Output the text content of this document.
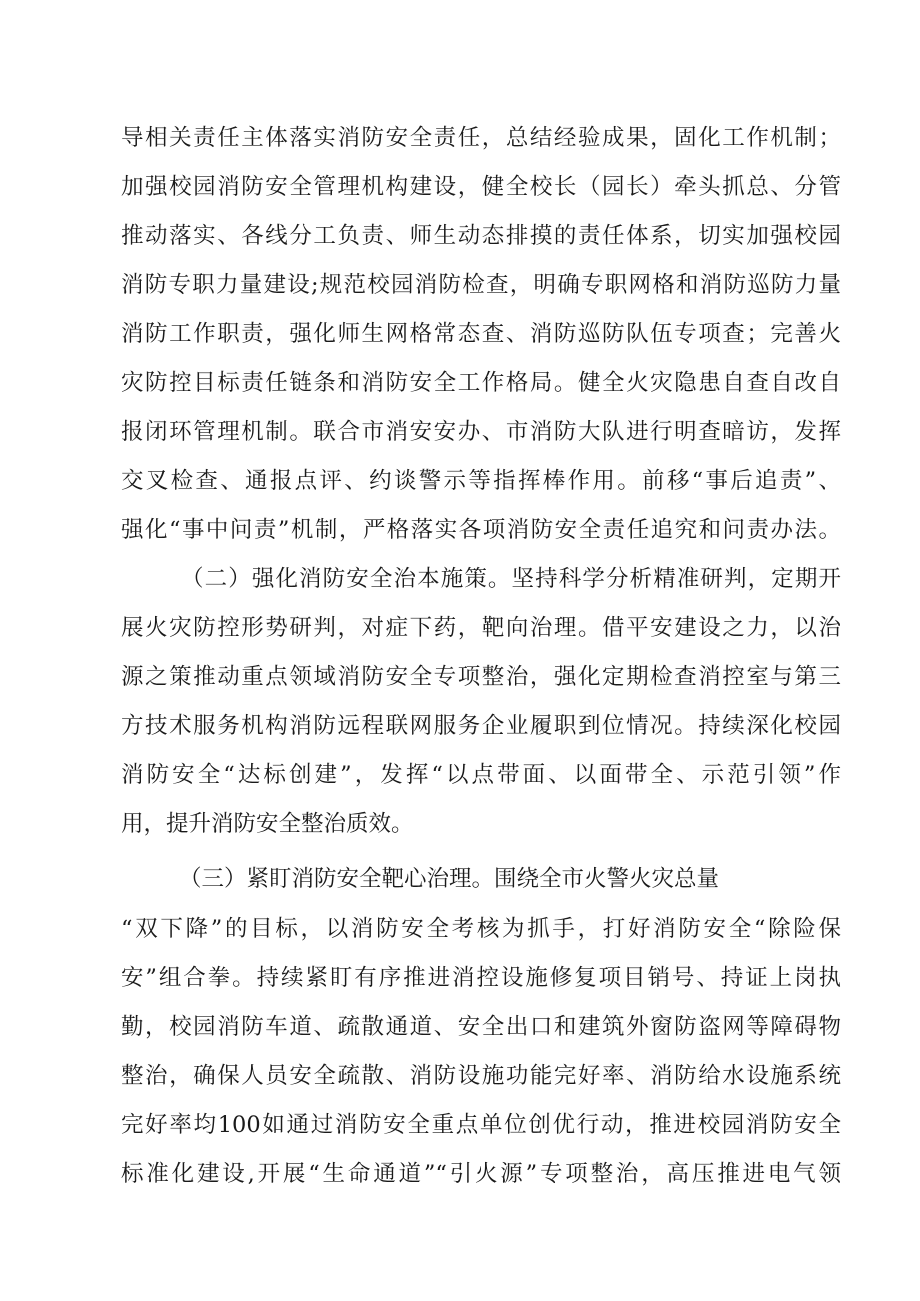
导相关责任主体落实消防安全责任，总结经验成果，固化工作机制；
加强校园消防安全管理机构建设，健全校长（园长）牵头抓总、分管
推动落实、各线分工负责、师生动态排摸的责任体系，切实加强校园
消防专职力量建设;规范校园消防检查，明确专职网格和消防巡防力量
消防工作职责，强化师生网格常态查、消防巡防队伍专项查；完善火
灾防控目标责任链条和消防安全工作格局。健全火灾隐患自查自改自
报闭环管理机制。联合市消安安办、市消防大队进行明查暗访，发挥
交叉检查、通报点评、约谈警示等指挥棒作用。前移“事后追责”、
强化“事中问责”机制，严格落实各项消防安全责任追究和问责办法。
（二）强化消防安全治本施策。坚持科学分析精准研判，定期开
展火灾防控形势研判，对症下药，靶向治理。借平安建设之力，以治
源之策推动重点领域消防安全专项整治，强化定期检查消控室与第三
方技术服务机构消防远程联网服务企业履职到位情况。持续深化校园
消防安全“达标创建”，发挥“以点带面、以面带全、示范引领”作
用，提升消防安全整治质效。
（三）紧盯消防安全靶心治理。围绕全市火警火灾总量
“双下降”的目标，以消防安全考核为抓手，打好消防安全“除险保
安”组合拳。持续紧盯有序推进消控设施修复项目销号、持证上岗执
勤，校园消防车道、疏散通道、安全出口和建筑外窗防盗网等障碍物
整治，确保人员安全疏散、消防设施功能完好率、消防给水设施系统
完好率均100如通过消防安全重点单位创优行动，推进校园消防安全
标准化建设,开展“生命通道”“引火源”专项整治，高压推进电气领
